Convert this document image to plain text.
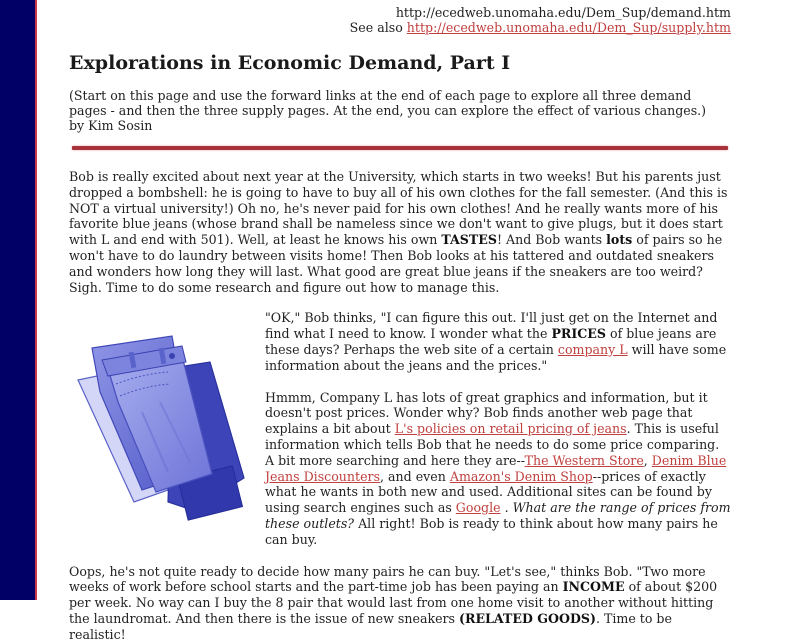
http://ecedweb.unomaha.edu/Dem_Sup/demand.htm
See also http://ecedweb.unomaha.edu/Dem_Sup/supply.htm
Explorations in Economic Demand, Part I
(Start on this page and use the forward links at the end of each page to explore all three demand pages - and then the three supply pages. At the end, you can explore the effect of various changes.)
by Kim Sosin

Bob is really excited about next year at the University, which starts in two weeks! But his parents just dropped a bombshell: he is going to have to buy all of his own clothes for the fall semester. (And this is NOT a virtual university!) Oh no, he's never paid for his own clothes! And he really wants more of his favorite blue jeans (whose brand shall be nameless since we don't want to give plugs, but it does start with L and end with 501). Well, at least he knows his own TASTES! And Bob wants lots of pairs so he won't have to do laundry between visits home! Then Bob looks at his tattered and outdated sneakers and wonders how long they will last. What good are great blue jeans if the sneakers are too weird? Sigh. Time to do some research and figure out how to manage this.

"OK," Bob thinks, "I can figure this out. I'll just get on the Internet and find what I need to know. I wonder what the PRICES of blue jeans are these days? Perhaps the web site of a certain company L will have some information about the jeans and the prices."

Hmmm, Company L has lots of great graphics and information, but it doesn't post prices. Wonder why? Bob finds another web page that explains a bit about L's policies on retail pricing of jeans. This is useful information which tells Bob that he needs to do some price comparing. A bit more searching and here they are--The Western Store, Denim Blue Jeans Discounters, and even Amazon's Denim Shop--prices of exactly what he wants in both new and used. Additional sites can be found by using search engines such as Google . What are the range of prices from these outlets? All right! Bob is ready to think about how many pairs he can buy.

Oops, he's not quite ready to decide how many pairs he can buy. "Let's see," thinks Bob. "Two more weeks of work before school starts and the part-time job has been paying an INCOME of about $200 per week. No way can I buy the 8 pair that would last from one home visit to another without hitting the laundromat. And then there is the issue of new sneakers (RELATED GOODS). Time to be realistic!
